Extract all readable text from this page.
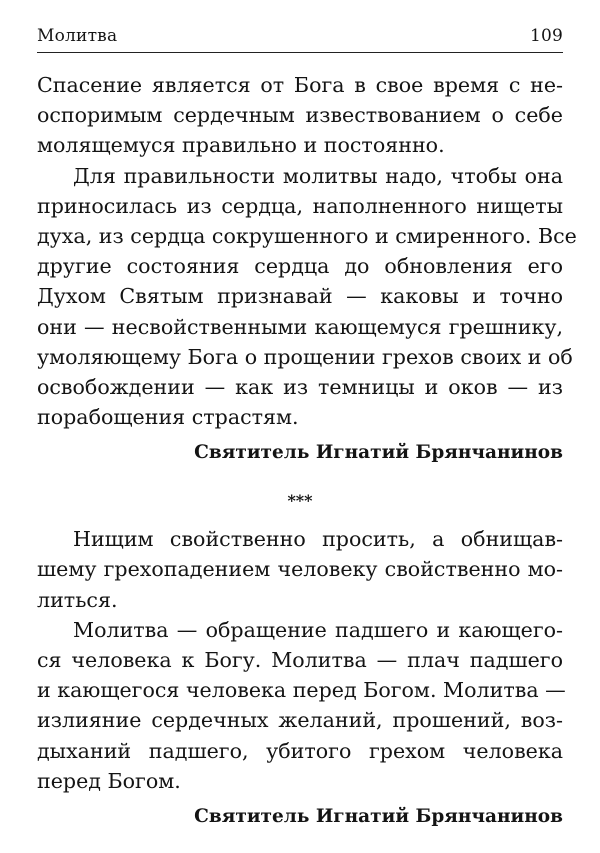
Молитва	109
Спасение является от Бога в свое время с не-
оспоримым сердечным извествованием о себе
молящемуся правильно и постоянно.
Для правильности молитвы надо, чтобы она
приносилась из сердца, наполненного нищеты
духа, из сердца сокрушенного и смиренного. Все
другие состояния сердца до обновления его
Духом Святым признавай — каковы и точно
они — несвойственными кающемуся грешнику,
умоляющему Бога о прощении грехов своих и об
освобождении — как из темницы и оков — из
порабощения страстям.
Святитель Игнатий Брянчанинов
***
Нищим свойственно просить, а обнищав-
шему грехопадением человеку свойственно мо-
литься.
Молитва — обращение падшего и кающего-
ся человека к Богу. Молитва — плач падшего
и кающегося человека перед Богом. Молитва —
излияние сердечных желаний, прошений, воз-
дыханий падшего, убитого грехом человека
перед Богом.
Святитель Игнатий Брянчанинов
